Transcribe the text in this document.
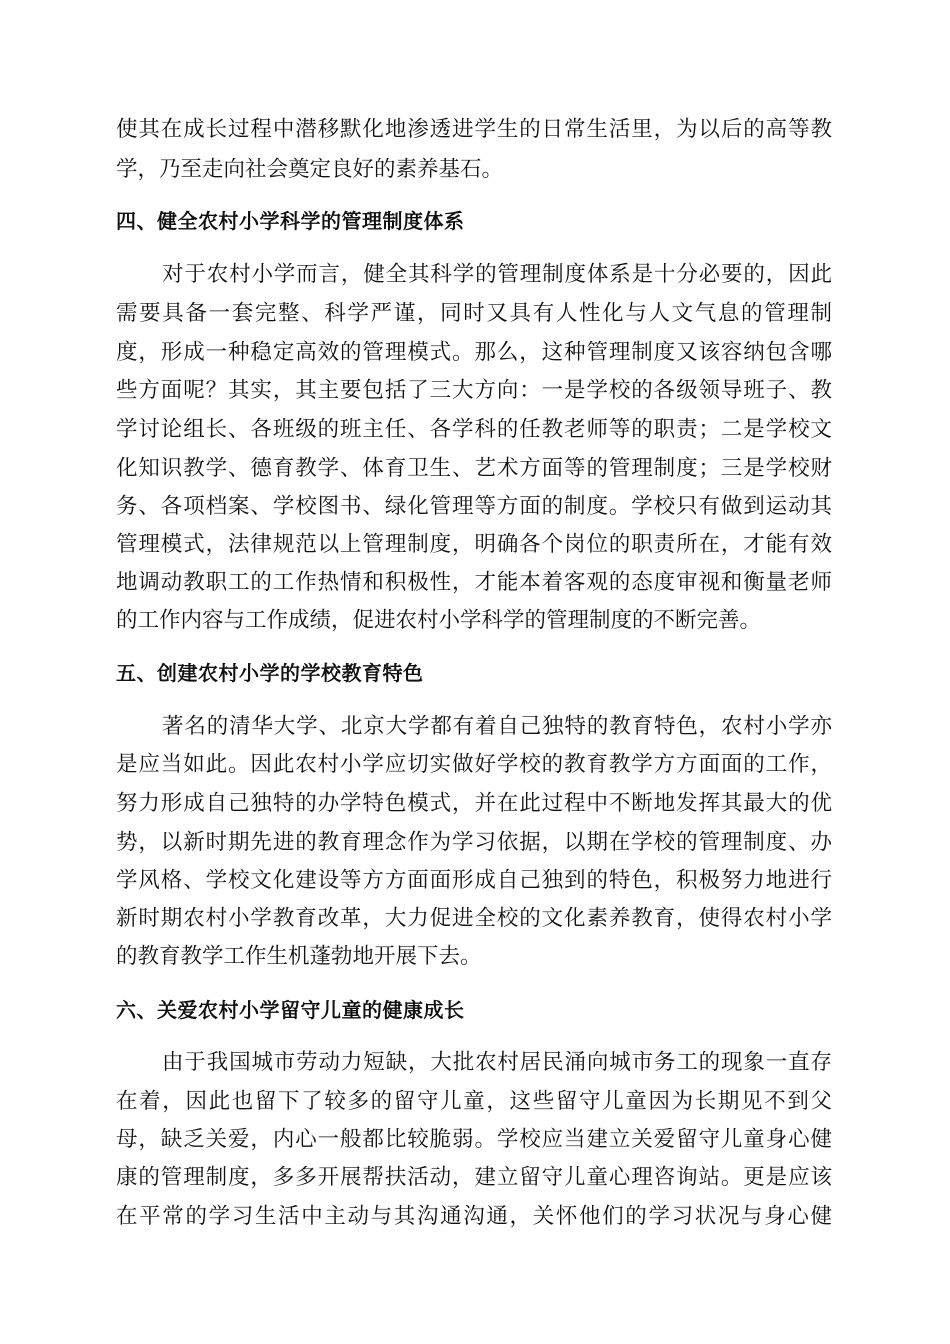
使其在成长过程中潜移默化地渗透进学生的日常生活里，为以后的高等教
学，乃至走向社会奠定良好的素养基石。
四、健全农村小学科学的管理制度体系
对于农村小学而言，健全其科学的管理制度体系是十分必要的，因此
需要具备一套完整、科学严谨，同时又具有人性化与人文气息的管理制
度，形成一种稳定高效的管理模式。那么，这种管理制度又该容纳包含哪
些方面呢？其实，其主要包括了三大方向：一是学校的各级领导班子、教
学讨论组长、各班级的班主任、各学科的任教老师等的职责；二是学校文
化知识教学、德育教学、体育卫生、艺术方面等的管理制度；三是学校财
务、各项档案、学校图书、绿化管理等方面的制度。学校只有做到运动其
管理模式，法律规范以上管理制度，明确各个岗位的职责所在，才能有效
地调动教职工的工作热情和积极性，才能本着客观的态度审视和衡量老师
的工作内容与工作成绩，促进农村小学科学的管理制度的不断完善。
五、创建农村小学的学校教育特色
著名的清华大学、北京大学都有着自己独特的教育特色，农村小学亦
是应当如此。因此农村小学应切实做好学校的教育教学方方面面的工作，
努力形成自己独特的办学特色模式，并在此过程中不断地发挥其最大的优
势，以新时期先进的教育理念作为学习依据，以期在学校的管理制度、办
学风格、学校文化建设等方方面面形成自己独到的特色，积极努力地进行
新时期农村小学教育改革，大力促进全校的文化素养教育，使得农村小学
的教育教学工作生机蓬勃地开展下去。
六、关爱农村小学留守儿童的健康成长
由于我国城市劳动力短缺，大批农村居民涌向城市务工的现象一直存
在着，因此也留下了较多的留守儿童，这些留守儿童因为长期见不到父
母，缺乏关爱，内心一般都比较脆弱。学校应当建立关爱留守儿童身心健
康的管理制度，多多开展帮扶活动，建立留守儿童心理咨询站。更是应该
在平常的学习生活中主动与其沟通沟通，关怀他们的学习状况与身心健
